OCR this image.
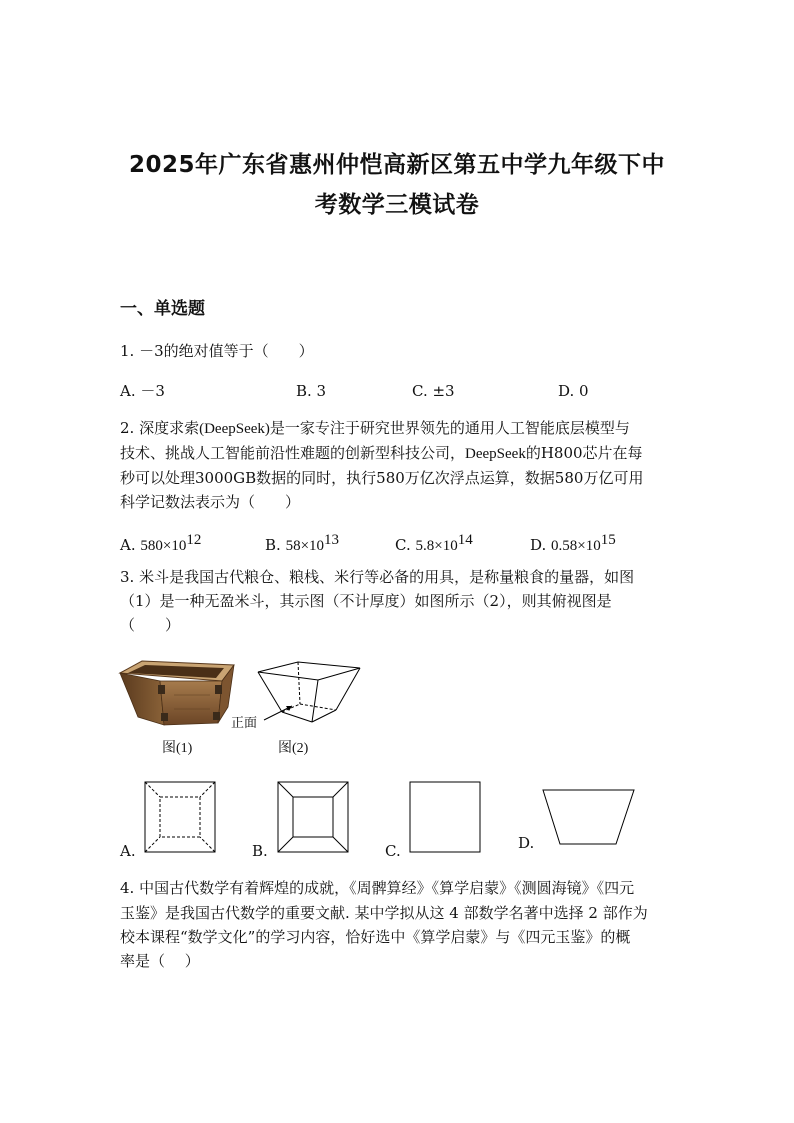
2025年广东省惠州仲恺高新区第五中学九年级下中
考数学三模试卷
一、单选题
1. －3的绝对值等于（　　）
A. －3	B. 3	C. ±3	D. 0
2. 深度求索(DeepSeek)是一家专注于研究世界领先的通用人工智能底层模型与
技术、挑战人工智能前沿性难题的创新型科技公司，DeepSeek的H800芯片在每
秒可以处理3000GB数据的同时，执行580万亿次浮点运算，数据580万亿可用
科学记数法表示为（　　）
A. $580\times 10^{12}$	B. $58\times 10^{13}$	C. $5.8\times 10^{14}$	D. $0.58\times 10^{15}$
3. 米斗是我国古代粮仓、粮栈、米行等必备的用具，是称量粮食的量器，如图
（1）是一种无盈米斗，其示图（不计厚度）如图所示（2），则其俯视图是
（　　）
图(1)
正面
图(2)
A.	B.	C.	D.
4. 中国古代数学有着辉煌的成就，《周髀算经》《算学启蒙》《测圆海镜》《四元
玉鉴》是我国古代数学的重要文献. 某中学拟从这 4 部数学名著中选择 2 部作为
校本课程“数学文化”的学习内容，恰好选中《算学启蒙》与《四元玉鉴》的概
率是（　 ）
